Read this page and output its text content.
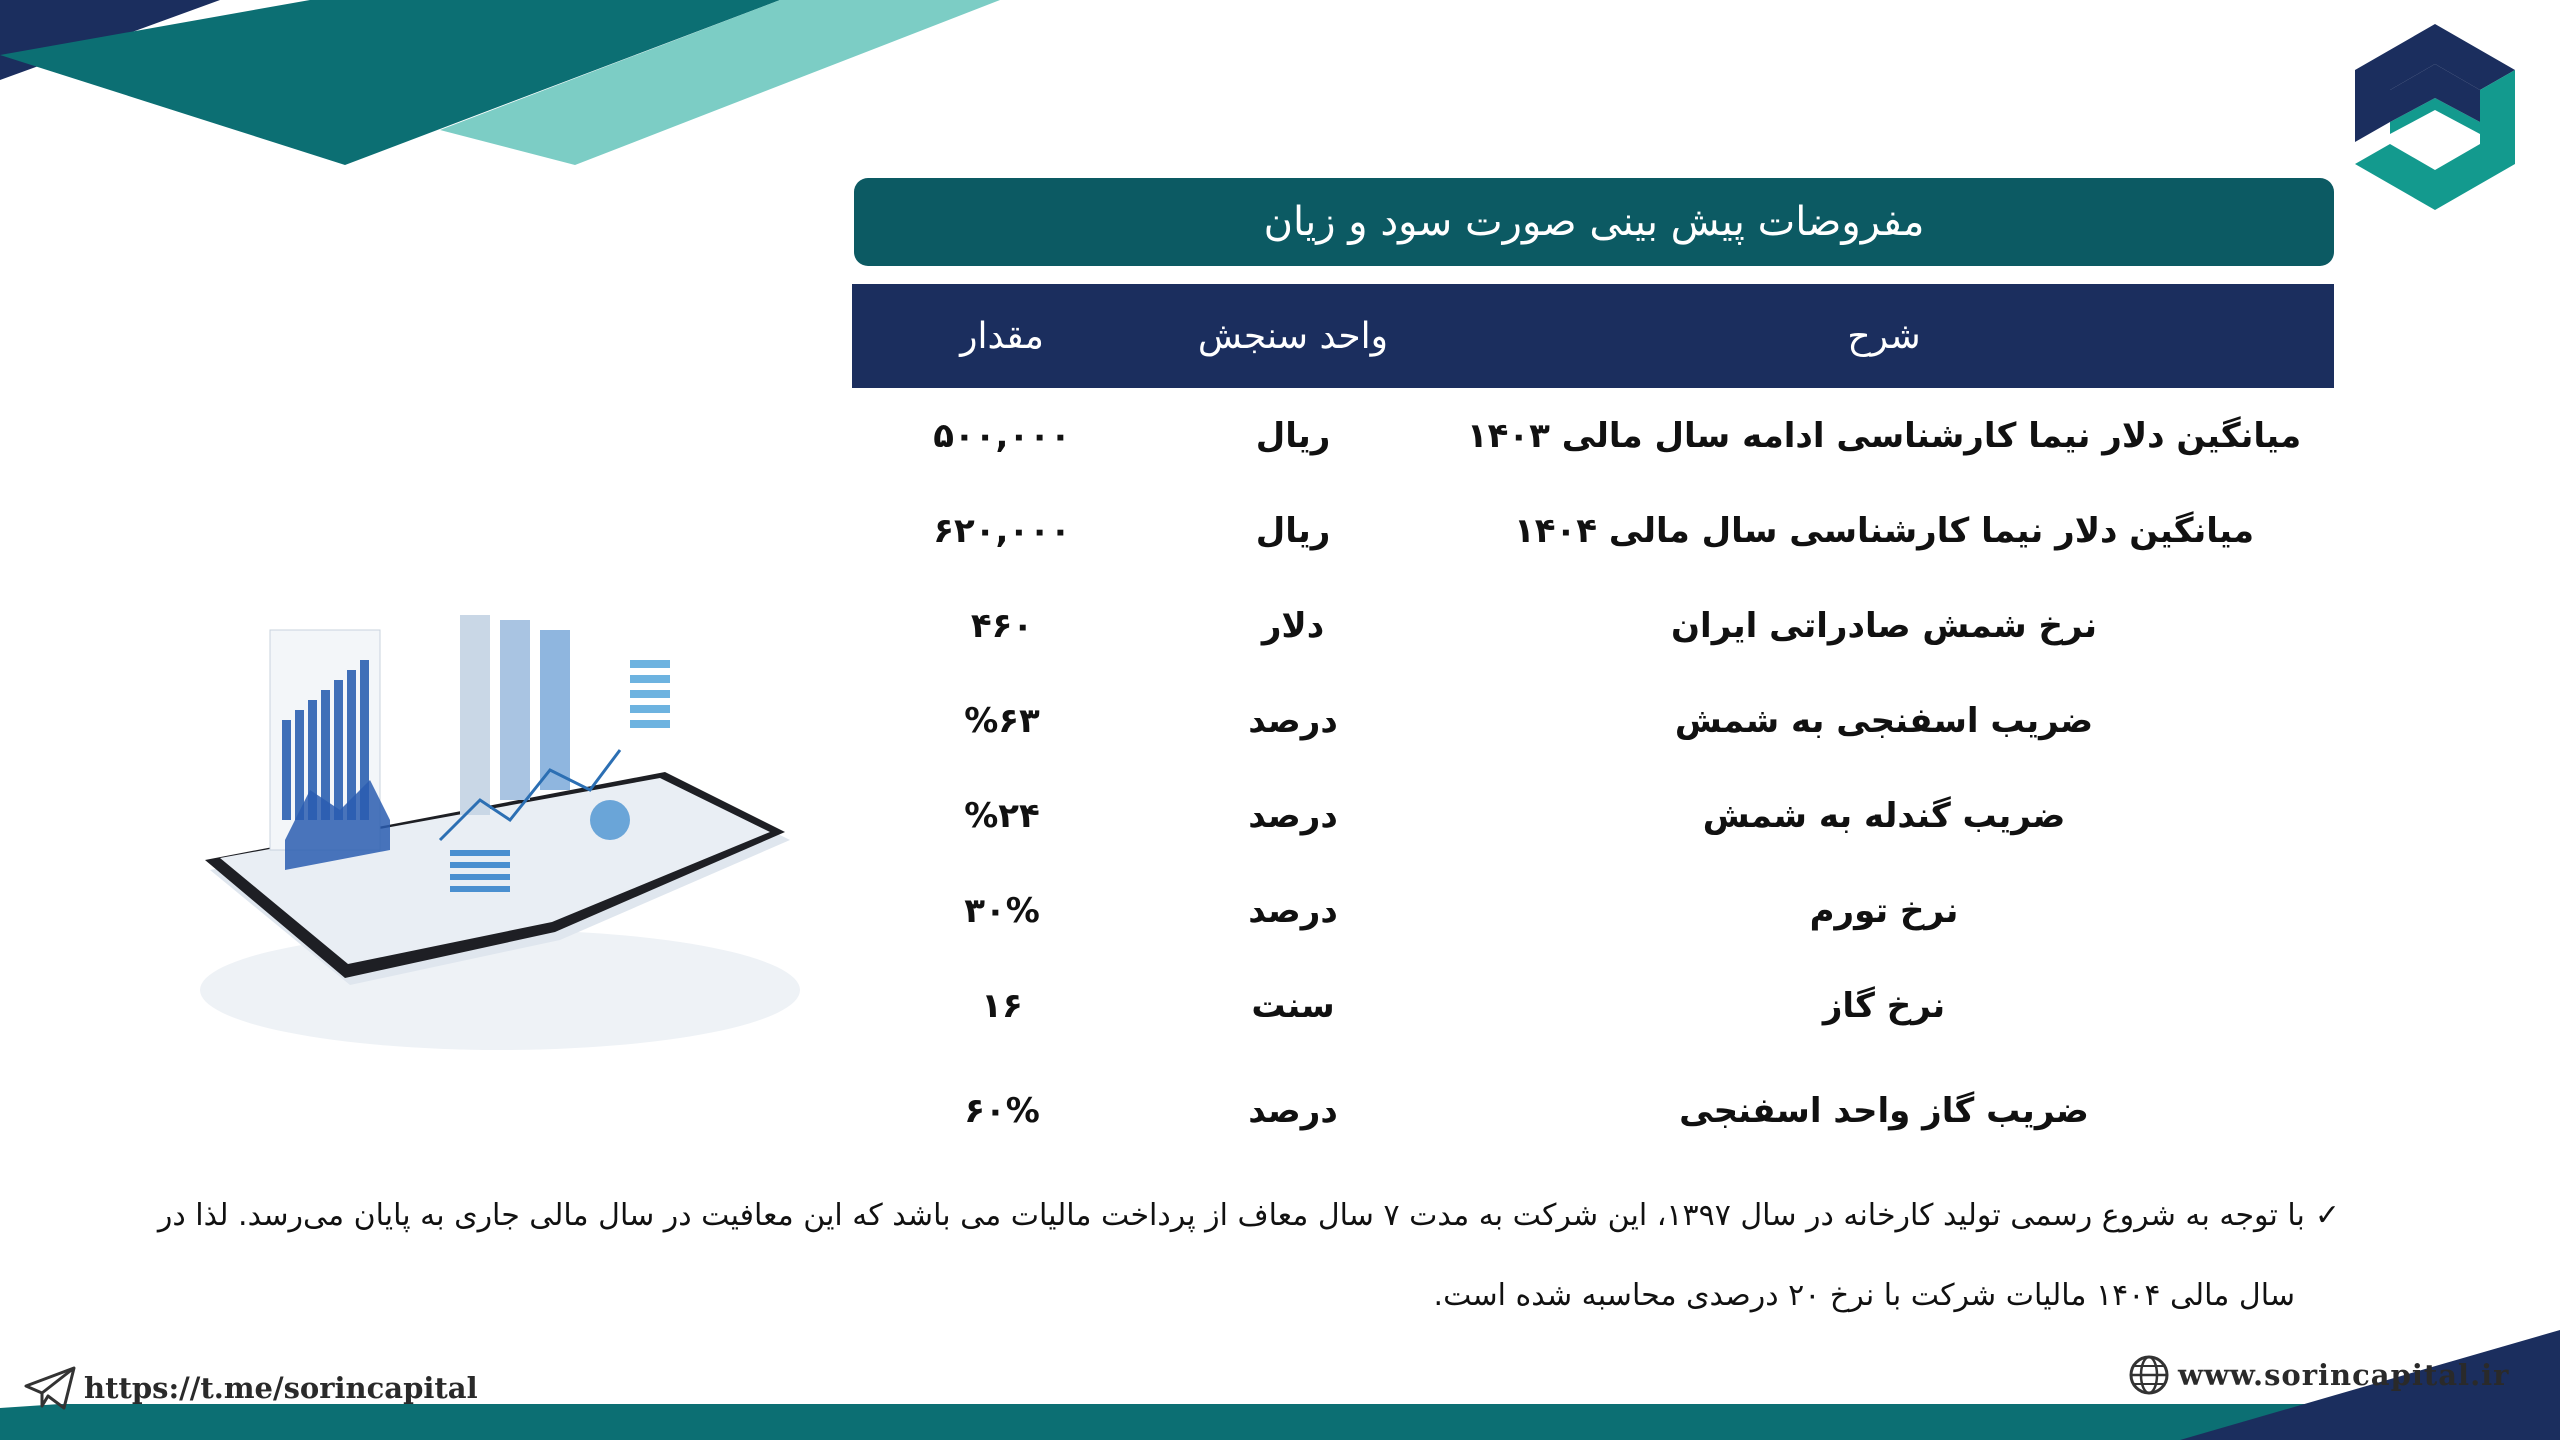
مفروضات پیش بینی صورت سود و زیان
شرح
واحد سنجش
مقدار
میانگین دلار نیما کارشناسی ادامه سال مالی ۱۴۰۳
ریال
۵۰۰,۰۰۰
میانگین دلار نیما کارشناسی سال مالی ۱۴۰۴
ریال
۶۲۰,۰۰۰
نرخ شمش صادراتی ایران
دلار
۴۶۰
ضریب اسفنجی به شمش
درصد
%۶۳
ضریب گندله به شمش
درصد
%۲۴
نرخ تورم
درصد
۳۰%
نرخ گاز
سنت
۱۶
ضریب گاز واحد اسفنجی
درصد
۶۰%
✓با توجه به شروع رسمی تولید کارخانه در سال ۱۳۹۷، این شرکت به مدت ۷ سال معاف از پرداخت مالیات می باشد که این معافیت در سال مالی جاری به پایان می‌رسد. لذا در
سال مالی ۱۴۰۴ مالیات شرکت با نرخ ۲۰ درصدی محاسبه شده است.
https://t.me/sorincapital	www.sorincapital.ir
